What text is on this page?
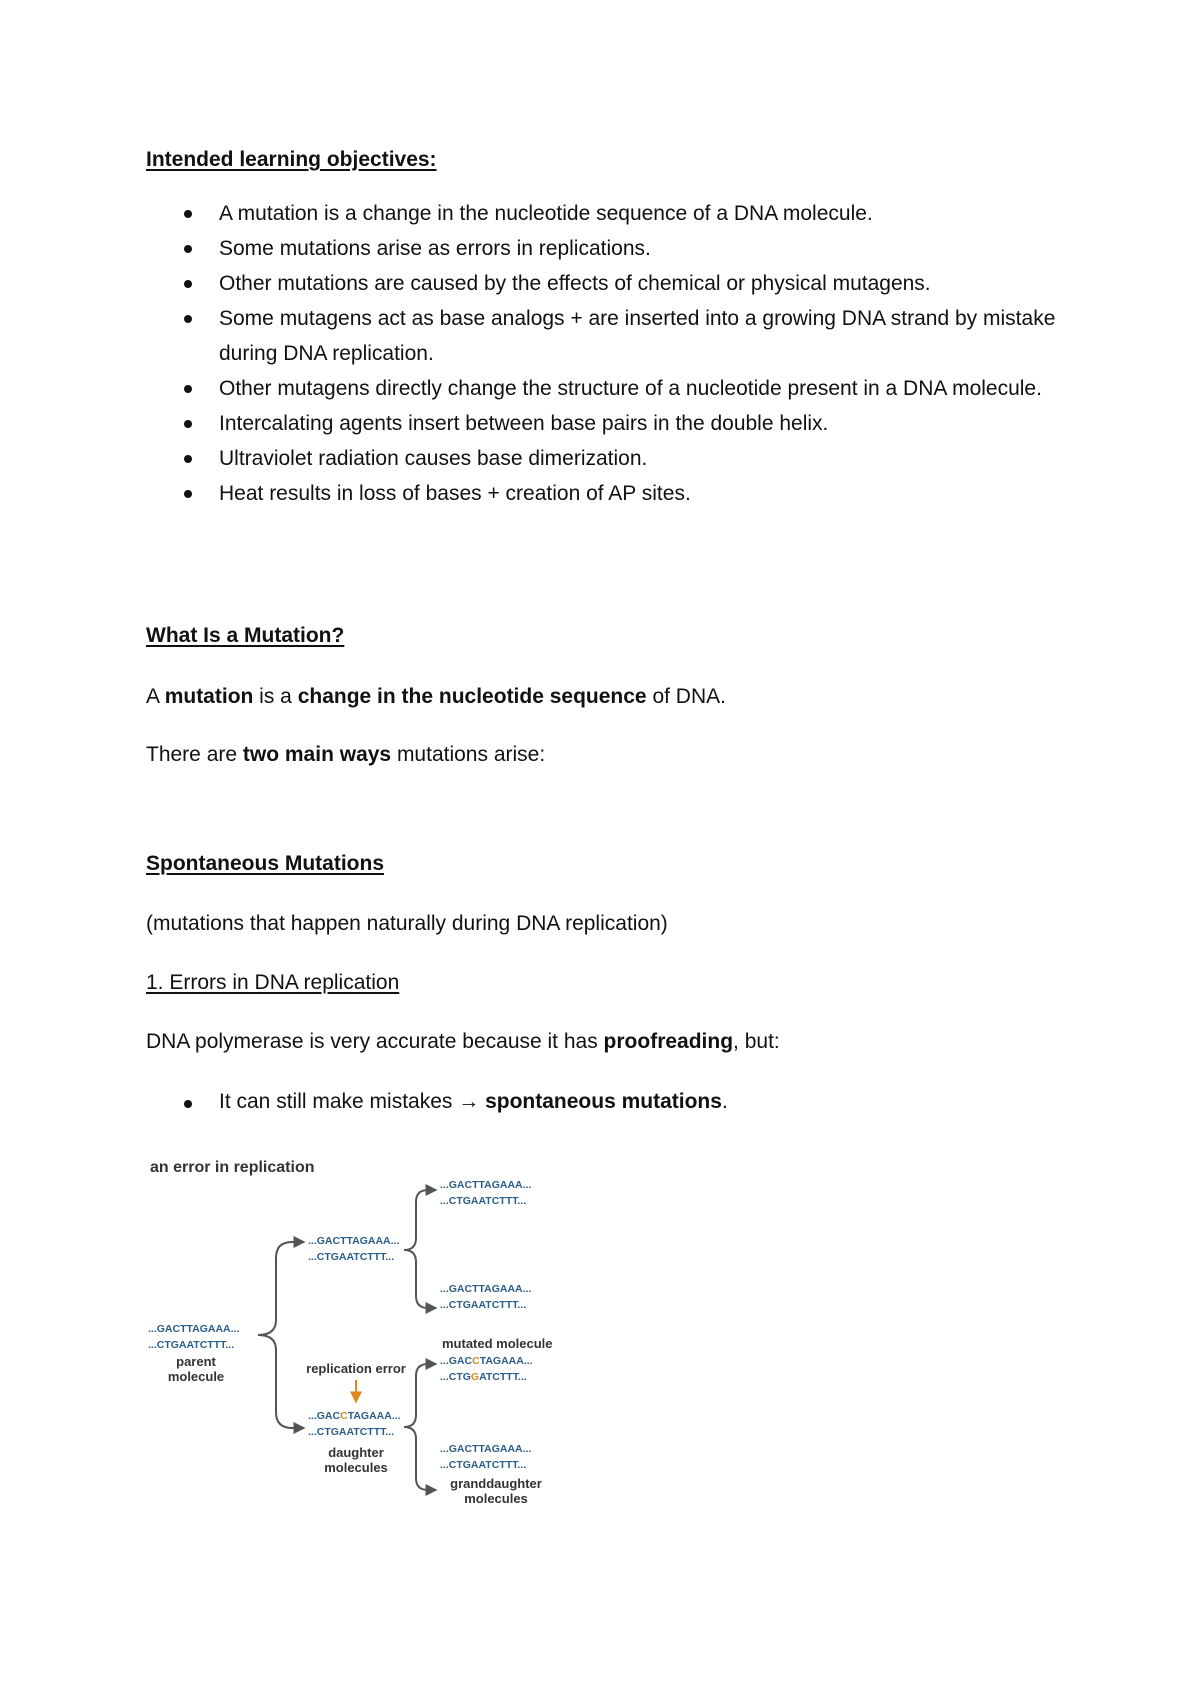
Intended learning objectives:
A mutation is a change in the nucleotide sequence of a DNA molecule.
Some mutations arise as errors in replications.
Other mutations are caused by the effects of chemical or physical mutagens.
Some mutagens act as base analogs + are inserted into a growing DNA strand by mistake during DNA replication.
Other mutagens directly change the structure of a nucleotide present in a DNA molecule.
Intercalating agents insert between base pairs in the double helix.
Ultraviolet radiation causes base dimerization.
Heat results in loss of bases + creation of AP sites.
What Is a Mutation?

A mutation is a change in the nucleotide sequence of DNA.

There are two main ways mutations arise:

Spontaneous Mutations

(mutations that happen naturally during DNA replication)

1. Errors in DNA replication

DNA polymerase is very accurate because it has proofreading, but:

It can still make mistakes → spontaneous mutations.
an error in replication
...GACTTAGAAA...
...CTGAATCTTT...
parent
molecule
...GACTTAGAAA...
...CTGAATCTTT...
replication error
...GACCTAGAAA...
...CTGAATCTTT...
daughter
molecules
...GACTTAGAAA...
...CTGAATCTTT...
...GACTTAGAAA...
...CTGAATCTTT...
mutated molecule
...GACCTAGAAA...
...CTGGATCTTT...
...GACTTAGAAA...
...CTGAATCTTT...
granddaughter
molecules
